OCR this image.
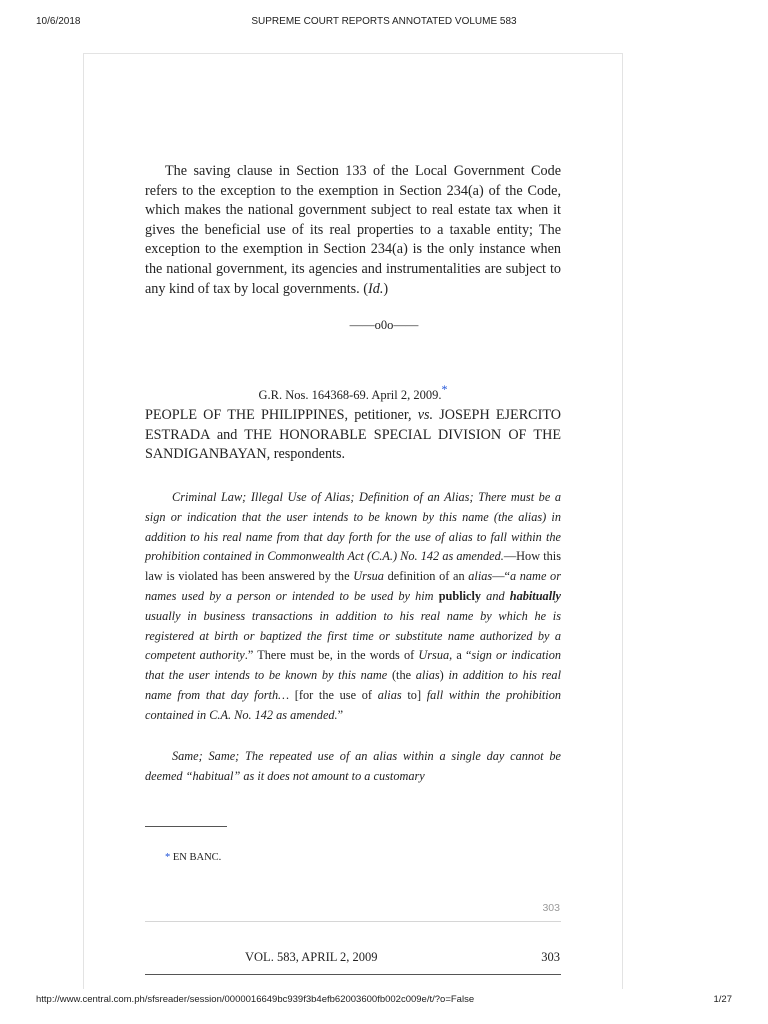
10/6/2018	SUPREME COURT REPORTS ANNOTATED VOLUME 583

The saving clause in Section 133 of the Local Government Code refers to the exception to the exemption in Section 234(a) of the Code, which makes the national government subject to real estate tax when it gives the beneficial use of its real properties to a taxable entity; The exception to the exemption in Section 234(a) is the only instance when the national government, its agencies and instrumentalities are subject to any kind of tax by local governments. (Id.)

——o0o——
G.R. Nos. 164368-69. April 2, 2009.*

PEOPLE OF THE PHILIPPINES, petitioner, vs. JOSEPH EJERCITO ESTRADA and THE HONORABLE SPECIAL DIVISION OF THE SANDIGANBAYAN, respondents.

Criminal Law; Illegal Use of Alias; Definition of an Alias; There must be a sign or indication that the user intends to be known by this name (the alias) in addition to his real name from that day forth for the use of alias to fall within the prohibition contained in Commonwealth Act (C.A.) No. 142 as amended.—How this law is violated has been answered by the Ursua definition of an alias—“a name or names used by a person or intended to be used by him publicly and habitually usually in business transactions in addition to his real name by which he is registered at birth or baptized the first time or substitute name authorized by a competent authority.” There must be, in the words of Ursua, a “sign or indication that the user intends to be known by this name (the alias) in addition to his real name from that day forth… [for the use of alias to] fall within the prohibition contained in C.A. No. 142 as amended.”

Same; Same; The repeated use of an alias within a single day cannot be deemed “habitual” as it does not amount to a customary

* EN BANC.
303
VOL. 583, APRIL 2, 2009	303
http://www.central.com.ph/sfsreader/session/0000016649bc939f3b4efb62003600fb002c009e/t/?o=False	1/27
